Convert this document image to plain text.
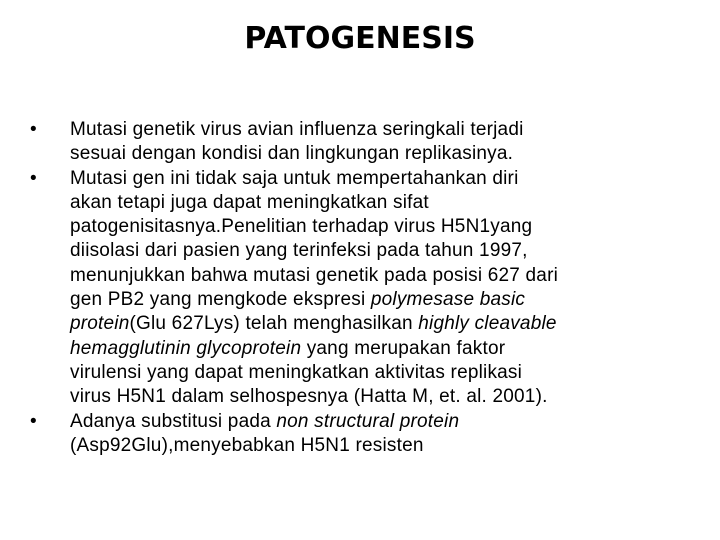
PATOGENESIS
•	Mutasi genetik virus avian influenza seringkali terjadi
sesuai dengan kondisi dan lingkungan replikasinya.
•	Mutasi gen ini tidak saja untuk mempertahankan diri
akan tetapi juga dapat meningkatkan sifat
patogenisitasnya.Penelitian terhadap virus H5N1yang
diisolasi dari pasien yang terinfeksi pada tahun 1997,
menunjukkan bahwa mutasi genetik pada posisi 627 dari
gen PB2 yang mengkode ekspresi polymesase basic
protein(Glu 627Lys) telah menghasilkan highly cleavable
hemagglutinin glycoprotein yang merupakan faktor
virulensi yang dapat meningkatkan aktivitas replikasi
virus H5N1 dalam selhospesnya (Hatta M, et. al. 2001).
•	Adanya substitusi pada non structural protein
(Asp92Glu),menyebabkan H5N1 resisten
